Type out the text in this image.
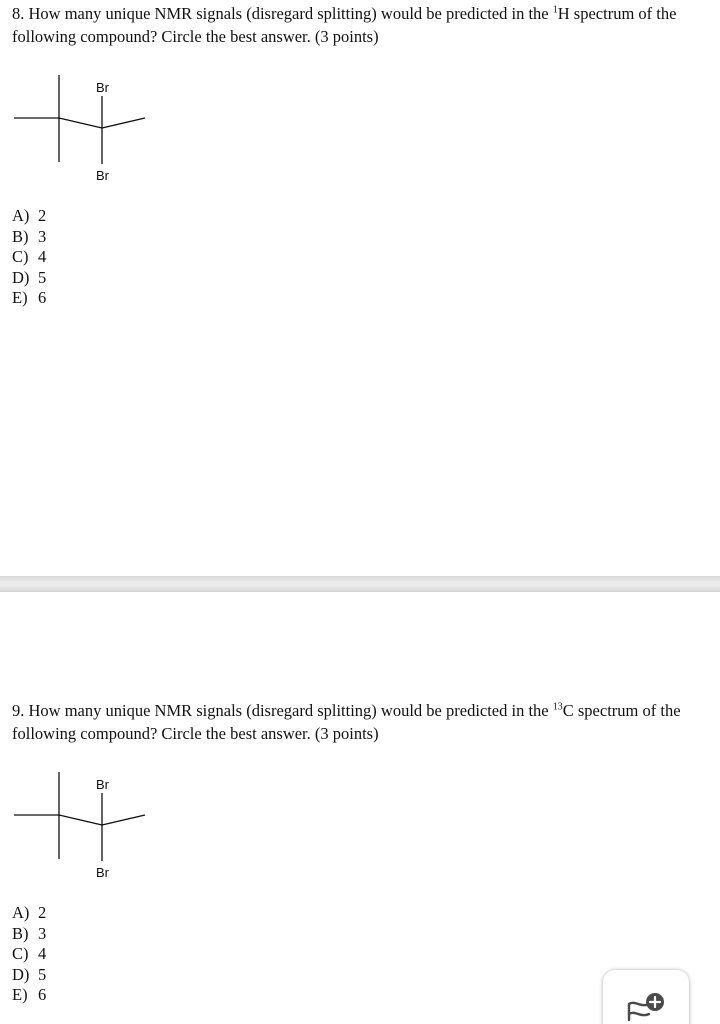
8. How many unique NMR signals (disregard splitting) would be predicted in the $^1$H spectrum of the following compound? Circle the best answer. (3 points)

Br
Br
A) 2
B) 3
C) 4
D) 5
E) 6

9. How many unique NMR signals (disregard splitting) would be predicted in the $^{13}$C spectrum of the following compound? Circle the best answer. (3 points)

Br
Br
A) 2
B) 3
C) 4
D) 5
E) 6
